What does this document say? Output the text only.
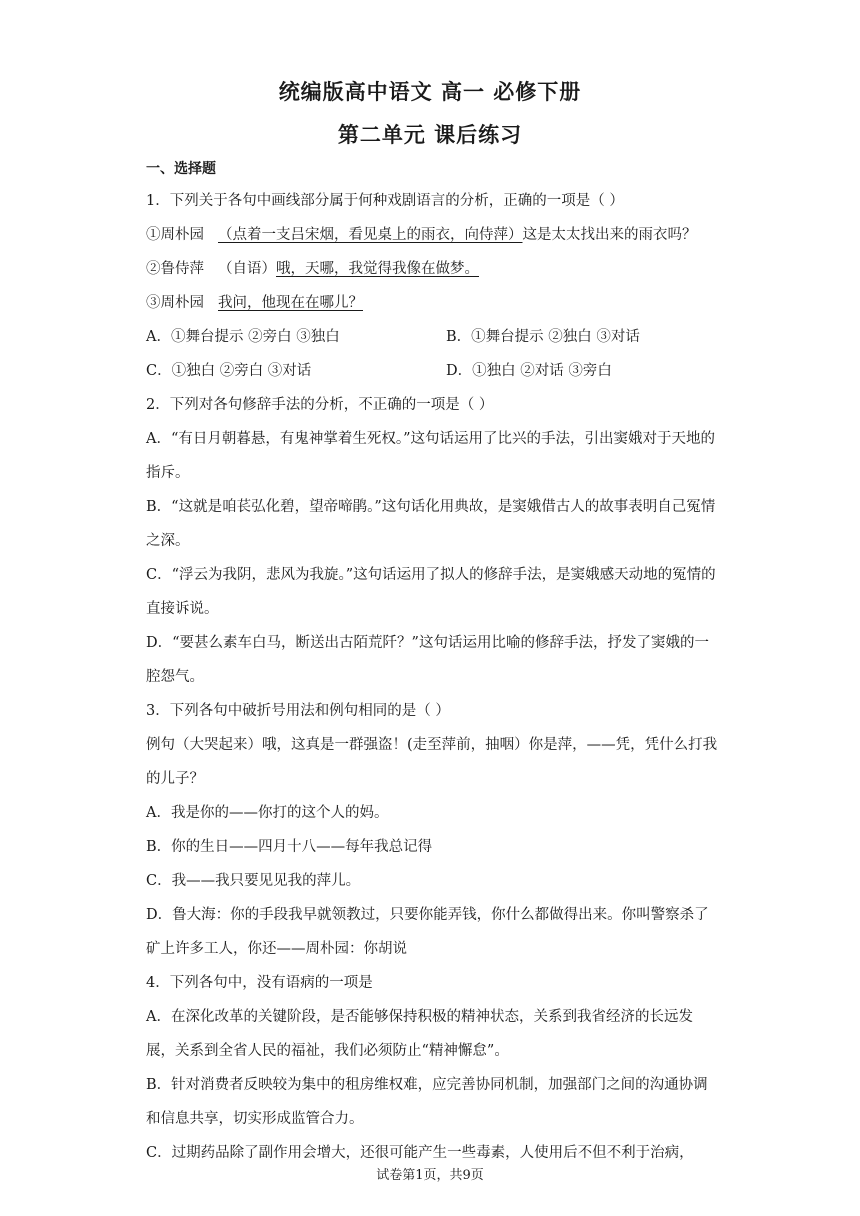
统编版高中语文 高一 必修下册
第二单元 课后练习
一、选择题
1．下列关于各句中画线部分属于何种戏剧语言的分析，正确的一项是（ ）
①周朴园 （点着一支吕宋烟，看见桌上的雨衣，向侍萍）这是太太找出来的雨衣吗？
②鲁侍萍 （自语）哦，天哪，我觉得我像在做梦。
③周朴园 我问，他现在在哪儿？
A．①舞台提示 ②旁白 ③独白	B．①舞台提示 ②独白 ③对话
C．①独白 ②旁白 ③对话	D．①独白 ②对话 ③旁白
2．下列对各句修辞手法的分析，不正确的一项是（ ）
A．“有日月朝暮悬，有鬼神掌着生死权。”这句话运用了比兴的手法，引出窦娥对于天地的指斥。
B．“这就是咱苌弘化碧，望帝啼鹃。”这句话化用典故，是窦娥借古人的故事表明自己冤情之深。
C．“浮云为我阴，悲风为我旋。”这句话运用了拟人的修辞手法，是窦娥感天动地的冤情的直接诉说。
D．“要甚么素车白马，断送出古陌荒阡？”这句话运用比喻的修辞手法，抒发了窦娥的一腔怨气。
3．下列各句中破折号用法和例句相同的是（ ）
例句（大哭起来）哦，这真是一群强盗！(走至萍前，抽咽）你是萍，——凭，凭什么打我的儿子？
A．我是你的——你打的这个人的妈。
B．你的生日——四月十八——每年我总记得
C．我——我只要见见我的萍儿。
D．鲁大海：你的手段我早就领教过，只要你能弄钱，你什么都做得出来。你叫警察杀了矿上许多工人，你还——周朴园：你胡说
4．下列各句中，没有语病的一项是
A．在深化改革的关键阶段，是否能够保持积极的精神状态，关系到我省经济的长远发展，关系到全省人民的福祉，我们必须防止“精神懈怠”。
B．针对消费者反映较为集中的租房维权难，应完善协同机制，加强部门之间的沟通协调和信息共享，切实形成监管合力。
C．过期药品除了副作用会增大，还很可能产生一些毒素，人使用后不但不利于治病，
试卷第1页，共9页
